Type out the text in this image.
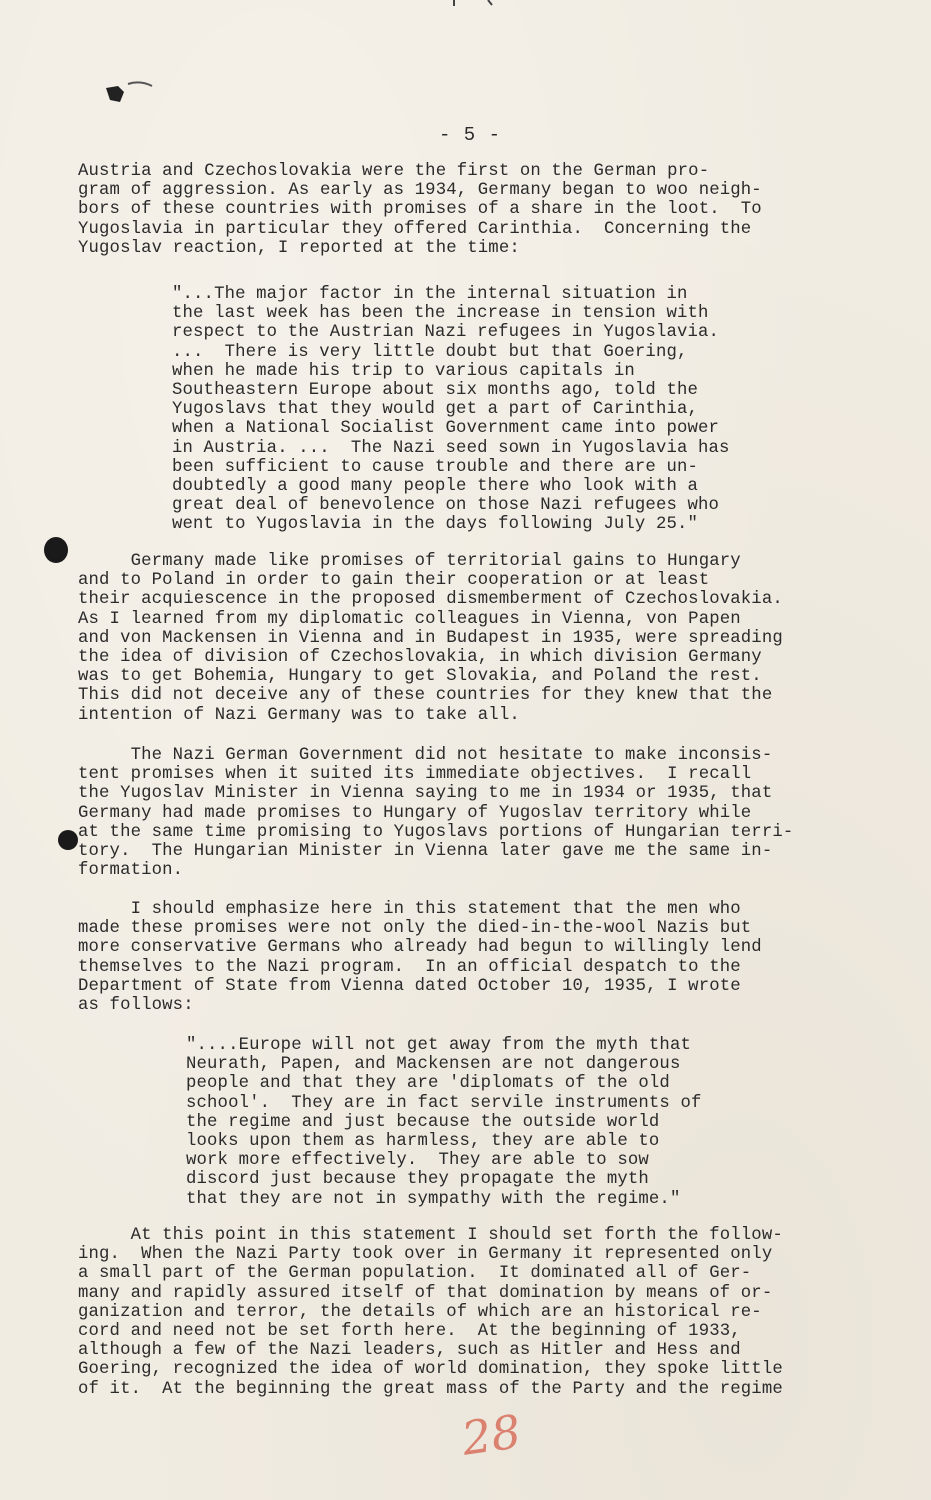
- 5 -
Austria and Czechoslovakia were the first on the German pro-
gram of aggression. As early as 1934, Germany began to woo neigh-
bors of these countries with promises of a share in the loot.  To
Yugoslavia in particular they offered Carinthia.  Concerning the
Yugoslav reaction, I reported at the time:
"...The major factor in the internal situation in
the last week has been the increase in tension with
respect to the Austrian Nazi refugees in Yugoslavia.
...  There is very little doubt but that Goering,
when he made his trip to various capitals in
Southeastern Europe about six months ago, told the
Yugoslavs that they would get a part of Carinthia,
when a National Socialist Government came into power
in Austria. ...  The Nazi seed sown in Yugoslavia has
been sufficient to cause trouble and there are un-
doubtedly a good many people there who look with a
great deal of benevolence on those Nazi refugees who
went to Yugoslavia in the days following July 25."
Germany made like promises of territorial gains to Hungary
and to Poland in order to gain their cooperation or at least
their acquiescence in the proposed dismemberment of Czechoslovakia.
As I learned from my diplomatic colleagues in Vienna, von Papen
and von Mackensen in Vienna and in Budapest in 1935, were spreading
the idea of division of Czechoslovakia, in which division Germany
was to get Bohemia, Hungary to get Slovakia, and Poland the rest.
This did not deceive any of these countries for they knew that the
intention of Nazi Germany was to take all.
The Nazi German Government did not hesitate to make inconsis-
tent promises when it suited its immediate objectives.  I recall
the Yugoslav Minister in Vienna saying to me in 1934 or 1935, that
Germany had made promises to Hungary of Yugoslav territory while
at the same time promising to Yugoslavs portions of Hungarian terri-
tory.  The Hungarian Minister in Vienna later gave me the same in-
formation.
I should emphasize here in this statement that the men who
made these promises were not only the died-in-the-wool Nazis but
more conservative Germans who already had begun to willingly lend
themselves to the Nazi program.  In an official despatch to the
Department of State from Vienna dated October 10, 1935, I wrote
as follows:
"....Europe will not get away from the myth that
Neurath, Papen, and Mackensen are not dangerous
people and that they are 'diplomats of the old
school'.  They are in fact servile instruments of
the regime and just because the outside world
looks upon them as harmless, they are able to
work more effectively.  They are able to sow
discord just because they propagate the myth
that they are not in sympathy with the regime."
At this point in this statement I should set forth the follow-
ing.  When the Nazi Party took over in Germany it represented only
a small part of the German population.  It dominated all of Ger-
many and rapidly assured itself of that domination by means of or-
ganization and terror, the details of which are an historical re-
cord and need not be set forth here.  At the beginning of 1933,
although a few of the Nazi leaders, such as Hitler and Hess and
Goering, recognized the idea of world domination, they spoke little
of it.  At the beginning the great mass of the Party and the regime
28
